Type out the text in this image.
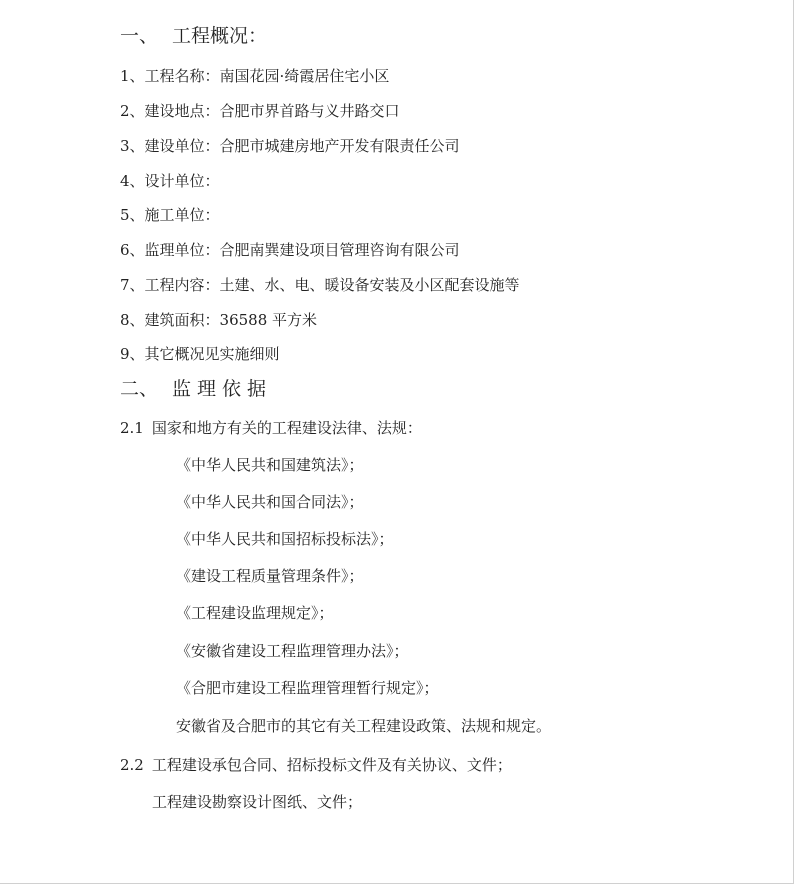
一、 工程概况：
1、工程名称：南国花园·绮霞居住宅小区
2、建设地点：合肥市界首路与义井路交口
3、建设单位：合肥市城建房地产开发有限责任公司
4、设计单位：
5、施工单位：
6、监理单位：合肥南巽建设项目管理咨询有限公司
7、工程内容：土建、水、电、暖设备安装及小区配套设施等
8、建筑面积：36588 平方米
9、其它概况见实施细则
二、 监理依据
2.1 国家和地方有关的工程建设法律、法规：
《中华人民共和国建筑法》；
《中华人民共和国合同法》；
《中华人民共和国招标投标法》；
《建设工程质量管理条件》；
《工程建设监理规定》；
《安徽省建设工程监理管理办法》；
《合肥市建设工程监理管理暂行规定》；
安徽省及合肥市的其它有关工程建设政策、法规和规定。
2.2 工程建设承包合同、招标投标文件及有关协议、文件；
工程建设勘察设计图纸、文件；
